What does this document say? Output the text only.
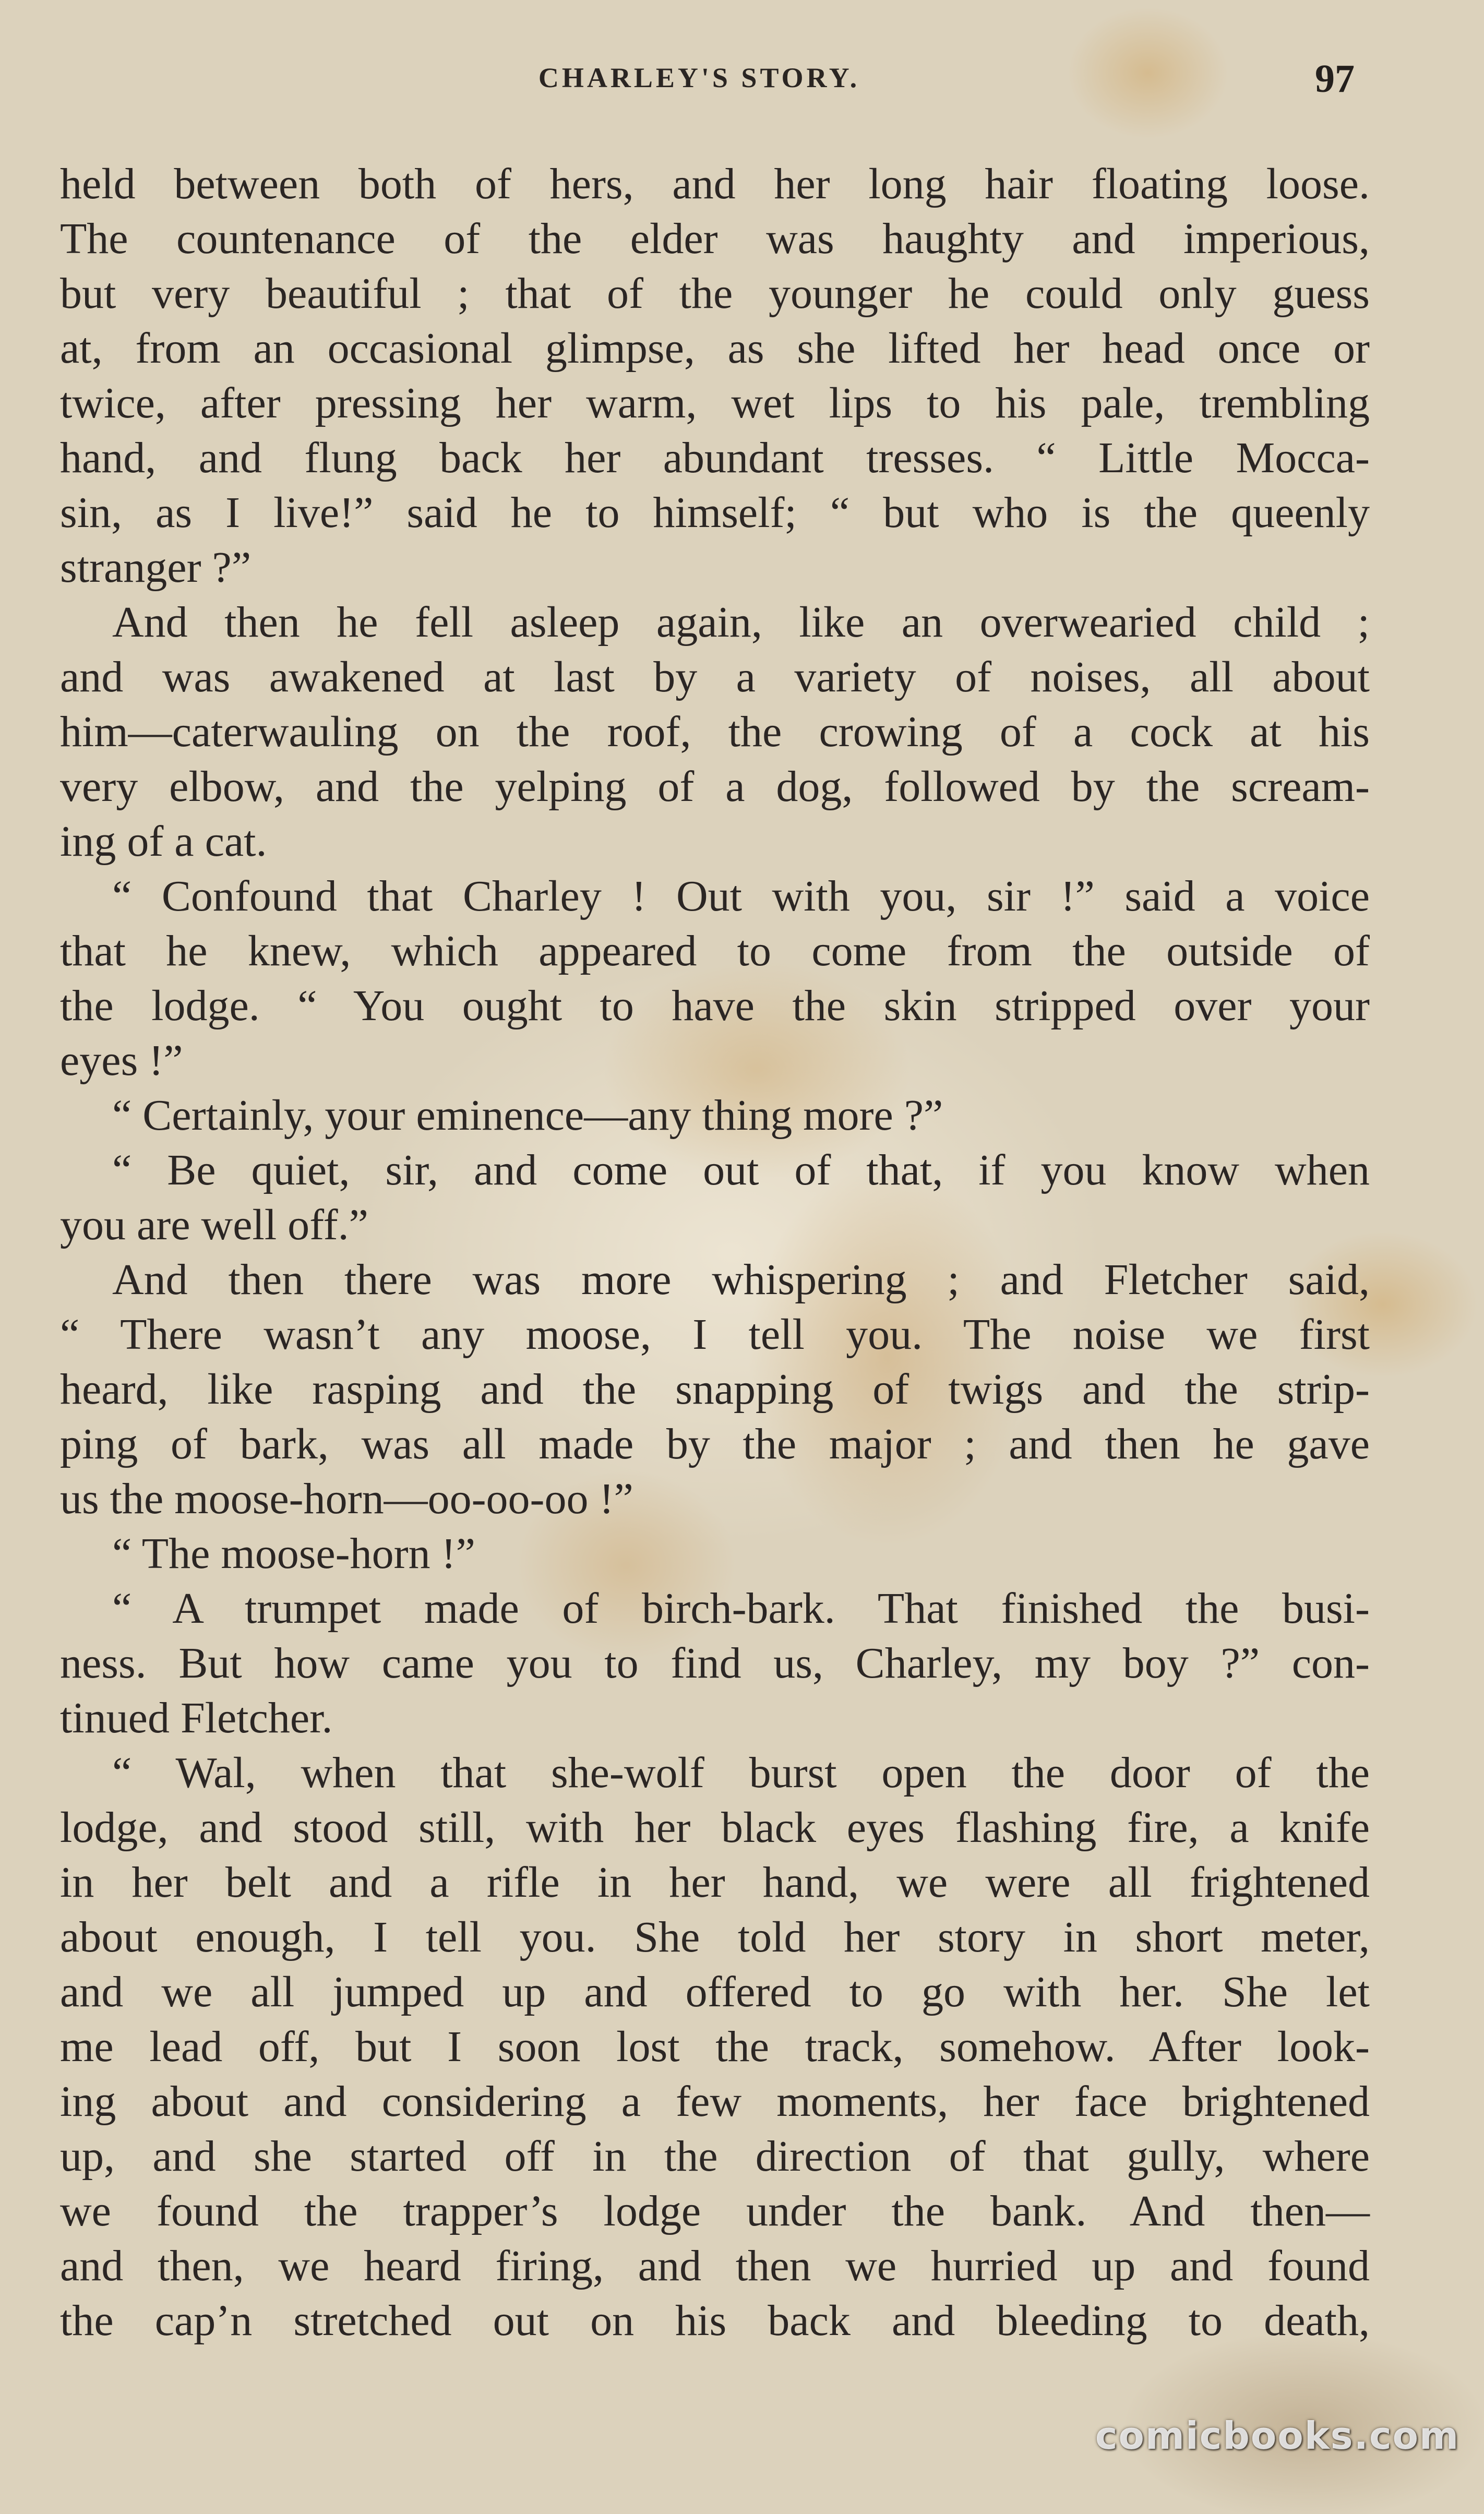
CHARLEY'S STORY.	97
held between both of hers, and her long hair floating loose.
The countenance of the elder was haughty and imperious,
but very beautiful ; that of the younger he could only guess
at, from an occasional glimpse, as she lifted her head once or
twice, after pressing her warm, wet lips to his pale, trembling
hand, and flung back her abundant tresses. “ Little Mocca-
sin, as I live!” said he to himself; “ but who is the queenly
stranger ?”
And then he fell asleep again, like an overwearied child ;
and was awakened at last by a variety of noises, all about
him—caterwauling on the roof, the crowing of a cock at his
very elbow, and the yelping of a dog, followed by the scream-
ing of a cat.
“ Confound that Charley ! Out with you, sir !” said a voice
that he knew, which appeared to come from the outside of
the lodge. “ You ought to have the skin stripped over your
eyes !”
“ Certainly, your eminence—any thing more ?”
“ Be quiet, sir, and come out of that, if you know when
you are well off.”
And then there was more whispering ; and Fletcher said,
“ There wasn’t any moose, I tell you. The noise we first
heard, like rasping and the snapping of twigs and the strip-
ping of bark, was all made by the major ; and then he gave
us the moose-horn—oo-oo-oo !”
“ The moose-horn !”
“ A trumpet made of birch-bark. That finished the busi-
ness. But how came you to find us, Charley, my boy ?” con-
tinued Fletcher.
“ Wal, when that she-wolf burst open the door of the
lodge, and stood still, with her black eyes flashing fire, a knife
in her belt and a rifle in her hand, we were all frightened
about enough, I tell you. She told her story in short meter,
and we all jumped up and offered to go with her. She let
me lead off, but I soon lost the track, somehow. After look-
ing about and considering a few moments, her face brightened
up, and she started off in the direction of that gully, where
we found the trapper’s lodge under the bank. And then—
and then, we heard firing, and then we hurried up and found
the cap’n stretched out on his back and bleeding to death,
comicbooks.com
